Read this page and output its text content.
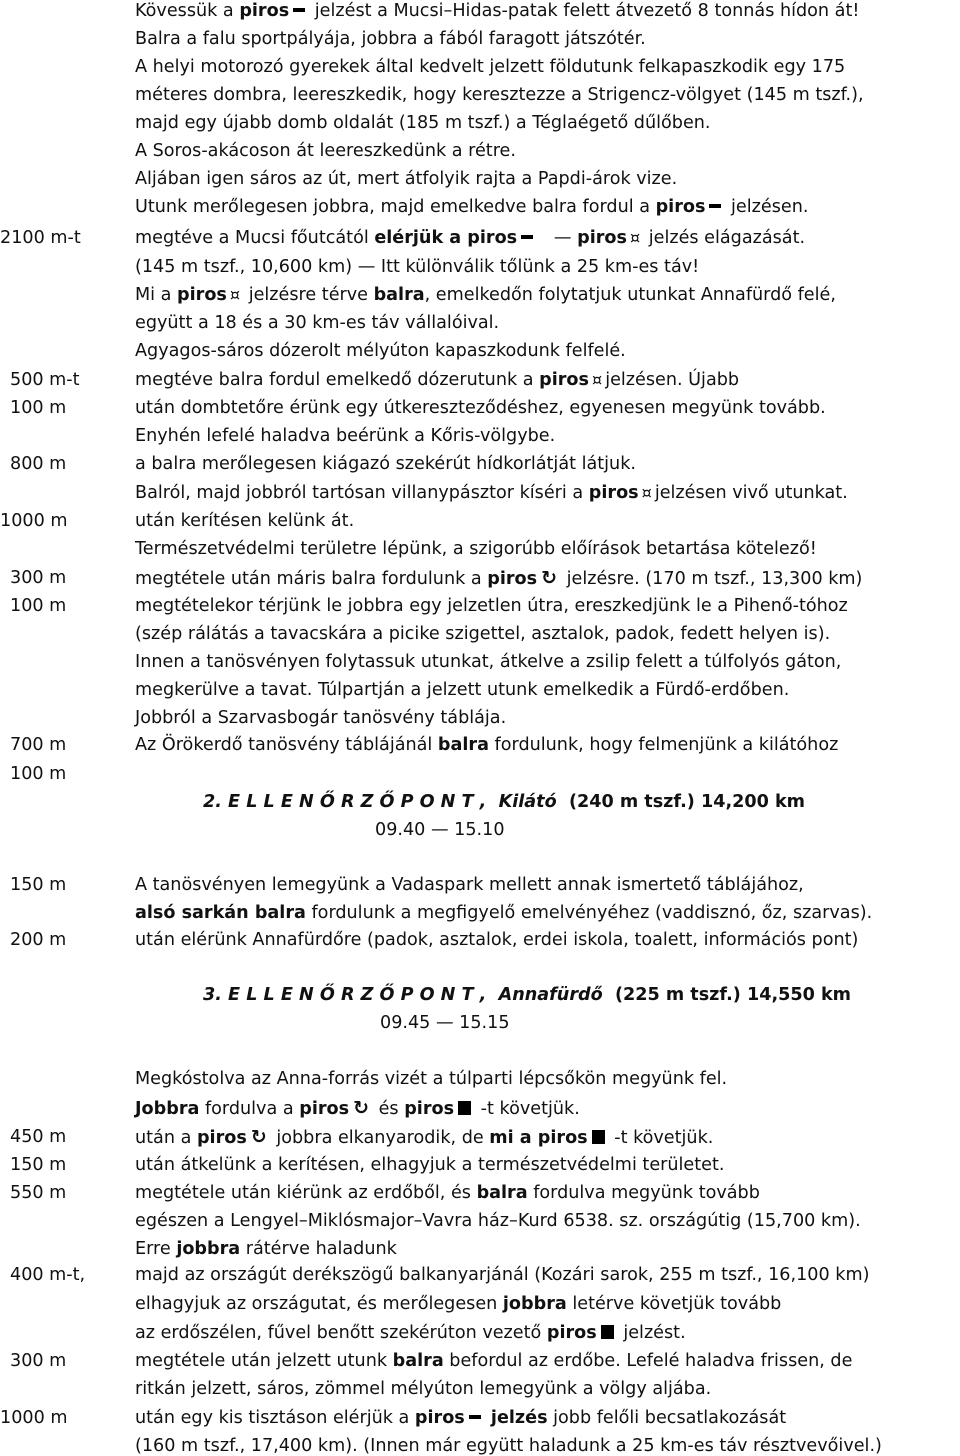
2100 m-t
500 m-t
100 m
800 m
1000 m
300 m
100 m
700 m
100 m
150 m
200 m
450 m
150 m
550 m
400 m-t,
300 m
1000 m
Kövessük a piros jelzést a Mucsi–Hidas-patak felett átvezető 8 tonnás hídon át!
Balra a falu sportpályája, jobbra a fából faragott játszótér.
A helyi motorozó gyerekek által kedvelt jelzett földutunk felkapaszkodik egy 175
méteres dombra, leereszkedik, hogy keresztezze a Strigencz-völgyet (145 m tszf.),
majd egy újabb domb oldalát (185 m tszf.) a Téglaégető dűlőben.
A Soros-akácoson át leereszkedünk a rétre.
Aljában igen sáros az út, mert átfolyik rajta a Papdi-árok vize.
Utunk merőlegesen jobbra, majd emelkedve balra fordul a piros jelzésen.
megtéve a Mucsi főutcától elérjük a piros — piros ¤ jelzés elágazását.
(145 m tszf., 10,600 km) — Itt különválik tőlünk a 25 km-es táv!
Mi a piros ¤ jelzésre térve balra, emelkedőn folytatjuk utunkat Annafürdő felé,
együtt a 18 és a 30 km-es táv vállalóival.
Agyagos-sáros dózerolt mélyúton kapaszkodunk felfelé.
megtéve balra fordul emelkedő dózerutunk a piros ¤ jelzésen. Újabb
után dombtetőre érünk egy útkereszteződéshez, egyenesen megyünk tovább.
Enyhén lefelé haladva beérünk a Kőris-völgybe.
a balra merőlegesen kiágazó szekérút hídkorlátját látjuk.
Balról, majd jobbról tartósan villanypásztor kíséri a piros ¤ jelzésen vivő utunkat.
után kerítésen kelünk át.
Természetvédelmi területre lépünk, a szigorúbb előírások betartása kötelező!
megtétele után máris balra fordulunk a piros ↻ jelzésre. (170 m tszf., 13,300 km)
megtételekor térjünk le jobbra egy jelzetlen útra, ereszkedjünk le a Pihenő-tóhoz
(szép rálátás a tavacskára a picike szigettel, asztalok, padok, fedett helyen is).
Innen a tanösvényen folytassuk utunkat, átkelve a zsilip felett a túlfolyós gáton,
megkerülve a tavat. Túlpartján a jelzett utunk emelkedik a Fürdő-erdőben.
Jobbról a Szarvasbogár tanösvény táblája.
Az Örökerdő tanösvény táblájánál balra fordulunk, hogy felmenjünk a kilátóhoz
2. E L L E N Ő R Z Ő P O N T , Kilátó (240 m tszf.) 14,200 km
09.40 — 15.10
A tanösvényen lemegyünk a Vadaspark mellett annak ismertető táblájához,
alsó sarkán balra fordulunk a megfigyelő emelvényéhez (vaddisznó, őz, szarvas).
után elérünk Annafürdőre (padok, asztalok, erdei iskola, toalett, információs pont)
3. E L L E N Ő R Z Ő P O N T , Annafürdő (225 m tszf.) 14,550 km
09.45 — 15.15
Megkóstolva az Anna-forrás vizét a túlparti lépcsőkön megyünk fel.
Jobbra fordulva a piros ↻ és piros -t követjük.
után a piros ↻ jobbra elkanyarodik, de mi a piros -t követjük.
után átkelünk a kerítésen, elhagyjuk a természetvédelmi területet.
megtétele után kiérünk az erdőből, és balra fordulva megyünk tovább
egészen a Lengyel–Miklósmajor–Vavra ház–Kurd 6538. sz. országútig (15,700 km).
Erre jobbra rátérve haladunk
majd az országút derékszögű balkanyarjánál (Kozári sarok, 255 m tszf., 16,100 km)
elhagyjuk az országutat, és merőlegesen jobbra letérve követjük tovább
az erdőszélen, fűvel benőtt szekérúton vezető piros jelzést.
megtétele után jelzett utunk balra befordul az erdőbe. Lefelé haladva frissen, de
ritkán jelzett, sáros, zömmel mélyúton lemegyünk a völgy aljába.
után egy kis tisztáson elérjük a piros jelzés jobb felőli becsatlakozását
(160 m tszf., 17,400 km). (Innen már együtt haladunk a 25 km-es táv résztvevőivel.)
